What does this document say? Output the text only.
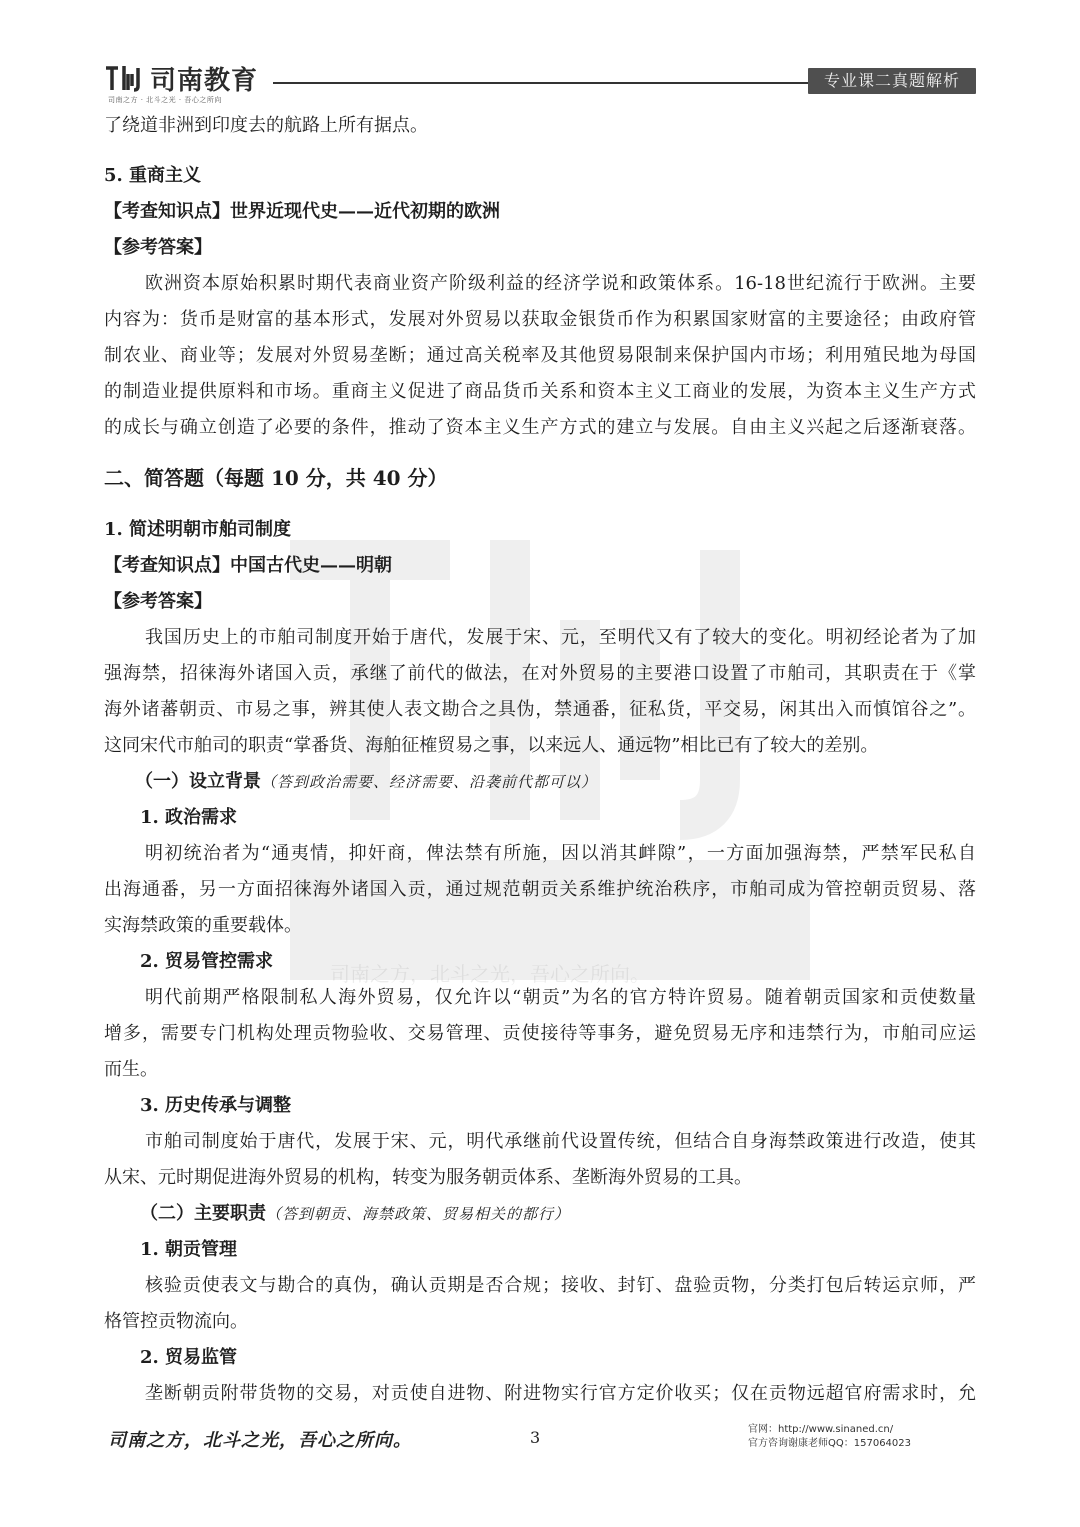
司南教育
司南之方 · 北斗之光 · 吾心之所向
专业课二真题解析
司南之方，北斗之光，吾心之所向。
了绕道非洲到印度去的航路上所有据点。
5. 重商主义
【考查知识点】世界近现代史——近代初期的欧洲
【参考答案】
欧洲资本原始积累时期代表商业资产阶级利益的经济学说和政策体系。16-18世纪流行于欧洲。主要
内容为：货币是财富的基本形式，发展对外贸易以获取金银货币作为积累国家财富的主要途径；由政府管
制农业、商业等；发展对外贸易垄断；通过高关税率及其他贸易限制来保护国内市场；利用殖民地为母国
的制造业提供原料和市场。重商主义促进了商品货币关系和资本主义工商业的发展，为资本主义生产方式
的成长与确立创造了必要的条件，推动了资本主义生产方式的建立与发展。自由主义兴起之后逐渐衰落。
二、简答题（每题 10 分，共 40 分）
1. 简述明朝市舶司制度
【考查知识点】中国古代史——明朝
【参考答案】
我国历史上的市舶司制度开始于唐代，发展于宋、元，至明代又有了较大的变化。明初经论者为了加
强海禁，招徕海外诸国入贡，承继了前代的做法，在对外贸易的主要港口设置了市舶司，其职责在于《掌
海外诸蕃朝贡、市易之事，辨其使人表文勘合之具伪，禁通番，征私货，平交易，闲其出入而慎馆谷之”。
这同宋代市舶司的职责“掌番货、海舶征榷贸易之事，以来远人、通远物”相比已有了较大的差别。
（一）设立背景（答到政治需要、经济需要、沿袭前代都可以）
1. 政治需求
明初统治者为“通夷情，抑奸商，俾法禁有所施，因以消其衅隙”，一方面加强海禁，严禁军民私自
出海通番，另一方面招徕海外诸国入贡，通过规范朝贡关系维护统治秩序，市舶司成为管控朝贡贸易、落
实海禁政策的重要载体。
2. 贸易管控需求
明代前期严格限制私人海外贸易，仅允许以“朝贡”为名的官方特许贸易。随着朝贡国家和贡使数量
增多，需要专门机构处理贡物验收、交易管理、贡使接待等事务，避免贸易无序和违禁行为，市舶司应运
而生。
3. 历史传承与调整
市舶司制度始于唐代，发展于宋、元，明代承继前代设置传统，但结合自身海禁政策进行改造，使其
从宋、元时期促进海外贸易的机构，转变为服务朝贡体系、垄断海外贸易的工具。
（二）主要职责（答到朝贡、海禁政策、贸易相关的都行）
1. 朝贡管理
核验贡使表文与勘合的真伪，确认贡期是否合规；接收、封钉、盘验贡物，分类打包后转运京师，严
格管控贡物流向。
2. 贸易监管
垄断朝贡附带货物的交易，对贡使自进物、附进物实行官方定价收买；仅在贡物远超官府需求时，允
司南之方，北斗之光，吾心之所向。	3	官网：http://www.sinaned.cn/
官方咨询谢康老师QQ：157064023
